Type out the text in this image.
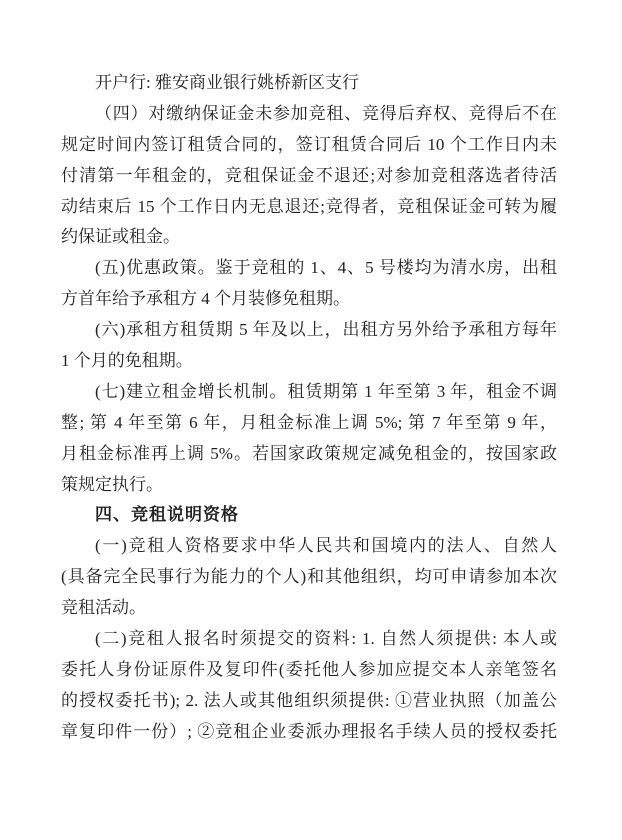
开户行: 雅安商业银行姚桥新区支行
（四）对缴纳保证金未参加竞租、竞得后弃权、竞得后不在
规定时间内签订租赁合同的，签订租赁合同后 10 个工作日内未
付清第一年租金的，竞租保证金不退还;对参加竞租落选者待活
动结束后 15 个工作日内无息退还;竞得者，竞租保证金可转为履
约保证或租金。
(五)优惠政策。鉴于竞租的 1、4、5 号楼均为清水房，出租
方首年给予承租方 4 个月装修免租期。
(六)承租方租赁期 5 年及以上，出租方另外给予承租方每年
1 个月的免租期。
(七)建立租金增长机制。租赁期第 1 年至第 3 年，租金不调
整; 第 4 年至第 6 年，月租金标准上调 5%; 第 7 年至第 9 年，
月租金标准再上调 5%。若国家政策规定减免租金的，按国家政
策规定执行。
四、竞租说明资格
(一)竞租人资格要求中华人民共和国境内的法人、自然人
(具备完全民事行为能力的个人)和其他组织，均可申请参加本次
竞租活动。
(二)竞租人报名时须提交的资料: 1. 自然人须提供: 本人或
委托人身份证原件及复印件(委托他人参加应提交本人亲笔签名
的授权委托书); 2. 法人或其他组织须提供: ①营业执照（加盖公
章复印件一份）; ②竞租企业委派办理报名手续人员的授权委托
